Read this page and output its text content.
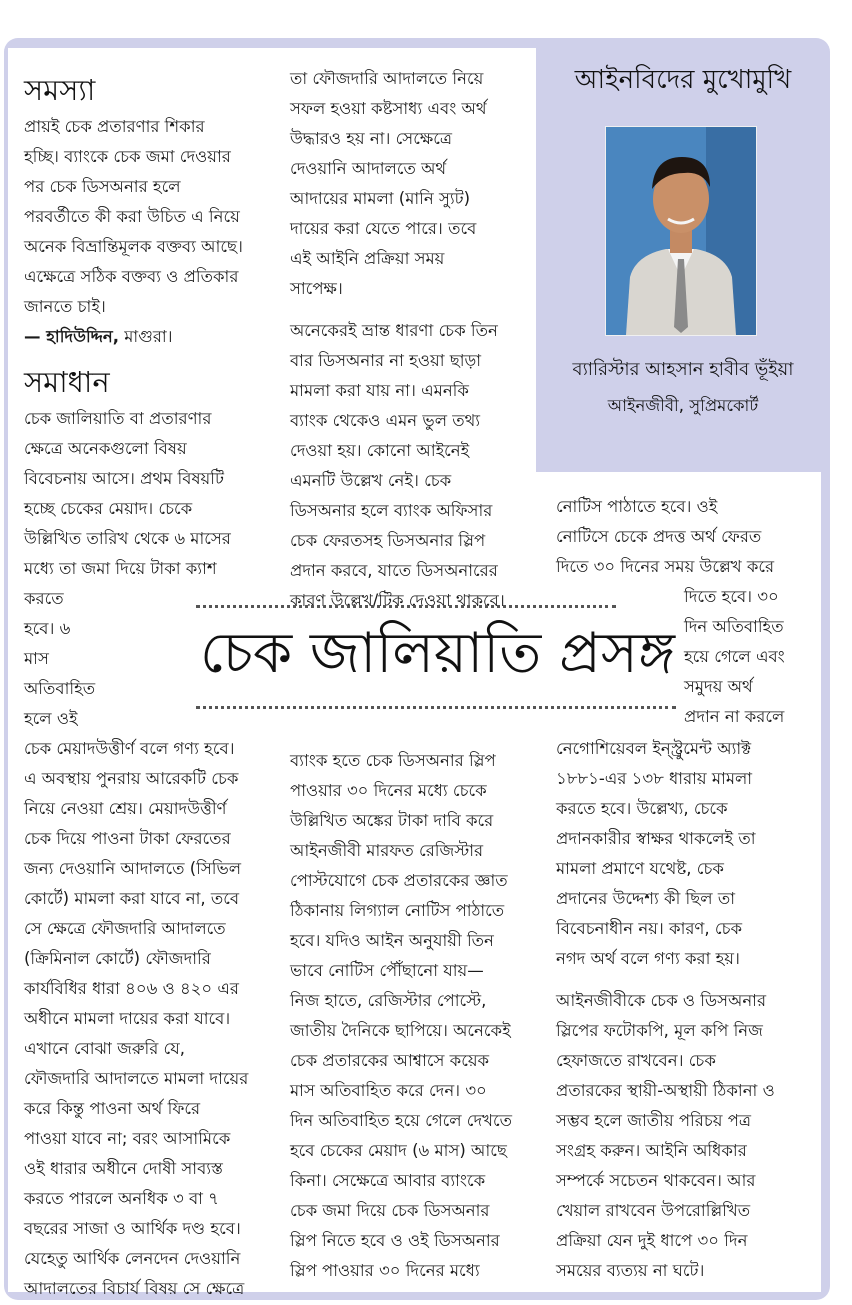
আইনবিদের মুখোমুখি
ব্যারিস্টার আহসান হাবীব ভূঁইয়া
আইনজীবী, সুপ্রিমকোর্ট
সমস্যা

প্রায়ই চেক প্রতারণার শিকার

হচ্ছি। ব্যাংকে চেক জমা দেওয়ার

পর চেক ডিসঅনার হলে

পরবর্তীতে কী করা উচিত এ নিয়ে

অনেক বিভ্রান্তিমূলক বক্তব্য আছে।

এক্ষেত্রে সঠিক বক্তব্য ও প্রতিকার

জানতে চাই।

— হাদিউদ্দিন, মাগুরা।

সমাধান

চেক জালিয়াতি বা প্রতারণার

ক্ষেত্রে অনেকগুলো বিষয়

বিবেচনায় আসে। প্রথম বিষয়টি

হচ্ছে চেকের মেয়াদ। চেকে

উল্লিখিত তারিখ থেকে ৬ মাসের

মধ্যে তা জমা দিয়ে টাকা ক্যাশ

করতে

হবে। ৬

মাস

অতিবাহিত

হলে ওই

তা ফৌজদারি আদালতে নিয়ে

সফল হওয়া কষ্টসাধ্য এবং অর্থ

উদ্ধারও হয় না। সেক্ষেত্রে

দেওয়ানি আদালতে অর্থ

আদায়ের মামলা (মানি স্যুট)

দায়ের করা যেতে পারে। তবে

এই আইনি প্রক্রিয়া সময়

সাপেক্ষ।

অনেকেরই ভ্রান্ত ধারণা চেক তিন

বার ডিসঅনার না হওয়া ছাড়া

মামলা করা যায় না। এমনকি

ব্যাংক থেকেও এমন ভুল তথ্য

দেওয়া হয়। কোনো আইনেই

এমনটি উল্লেখ নেই। চেক

ডিসঅনার হলে ব্যাংক অফিসার

চেক ফেরতসহ ডিসঅনার স্লিপ

প্রদান করবে, যাতে ডিসঅনারের

কারণ উল্লেখ/টিক দেওয়া থাকবে।

নোটিস পাঠাতে হবে। ওই

নোটিসে চেকে প্রদত্ত অর্থ ফেরত

দিতে ৩০ দিনের সময় উল্লেখ করে

দিতে হবে। ৩০

দিন অতিবাহিত

হয়ে গেলে এবং

সমুদয় অর্থ

প্রদান না করলে

চেক জালিয়াতি প্রসঙ্গ

চেক মেয়াদউত্তীর্ণ বলে গণ্য হবে।

এ অবস্থায় পুনরায় আরেকটি চেক

নিয়ে নেওয়া শ্রেয়। মেয়াদউত্তীর্ণ

চেক দিয়ে পাওনা টাকা ফেরতের

জন্য দেওয়ানি আদালতে (সিভিল

কোর্টে) মামলা করা যাবে না, তবে

সে ক্ষেত্রে ফৌজদারি আদালতে

(ক্রিমিনাল কোর্টে) ফৌজদারি

কার্যবিধির ধারা ৪০৬ ও ৪২০ এর

অধীনে মামলা দায়ের করা যাবে।

এখানে বোঝা জরুরি যে,

ফৌজদারি আদালতে মামলা দায়ের

করে কিন্তু পাওনা অর্থ ফিরে

পাওয়া যাবে না; বরং আসামিকে

ওই ধারার অধীনে দোষী সাব্যস্ত

করতে পারলে অনধিক ৩ বা ৭

বছরের সাজা ও আর্থিক দণ্ড হবে।

যেহেতু আর্থিক লেনদেন দেওয়ানি

আদালতের বিচার্য বিষয় সে ক্ষেত্রে

ব্যাংক হতে চেক ডিসঅনার স্লিপ

পাওয়ার ৩০ দিনের মধ্যে চেকে

উল্লিখিত অঙ্কের টাকা দাবি করে

আইনজীবী মারফত রেজিস্টার

পোস্টযোগে চেক প্রতারকের জ্ঞাত

ঠিকানায় লিগ্যাল নোটিস পাঠাতে

হবে। যদিও আইন অনুযায়ী তিন

ভাবে নোটিস পৌঁছানো যায়—

নিজ হাতে, রেজিস্টার পোস্টে,

জাতীয় দৈনিকে ছাপিয়ে। অনেকেই

চেক প্রতারকের আশ্বাসে কয়েক

মাস অতিবাহিত করে দেন। ৩০

দিন অতিবাহিত হয়ে গেলে দেখতে

হবে চেকের মেয়াদ (৬ মাস) আছে

কিনা। সেক্ষেত্রে আবার ব্যাংকে

চেক জমা দিয়ে চেক ডিসঅনার

স্লিপ নিতে হবে ও ওই ডিসঅনার

স্লিপ পাওয়ার ৩০ দিনের মধ্যে

নেগোশিয়েবল ইন্স্ট্রুমেন্ট অ্যাক্ট

১৮৮১-এর ১৩৮ ধারায় মামলা

করতে হবে। উল্লেখ্য, চেকে

প্রদানকারীর স্বাক্ষর থাকলেই তা

মামলা প্রমাণে যথেষ্ট, চেক

প্রদানের উদ্দেশ্য কী ছিল তা

বিবেচনাধীন নয়। কারণ, চেক

নগদ অর্থ বলে গণ্য করা হয়।

আইনজীবীকে চেক ও ডিসঅনার

স্লিপের ফটোকপি, মূল কপি নিজ

হেফাজতে রাখবেন। চেক

প্রতারকের স্থায়ী-অস্থায়ী ঠিকানা ও

সম্ভব হলে জাতীয় পরিচয় পত্র

সংগ্রহ করুন। আইনি অধিকার

সম্পর্কে সচেতন থাকবেন। আর

খেয়াল রাখবেন উপরোল্লিখিত

প্রক্রিয়া যেন দুই ধাপে ৩০ দিন

সময়ের ব্যত্যয় না ঘটে।
